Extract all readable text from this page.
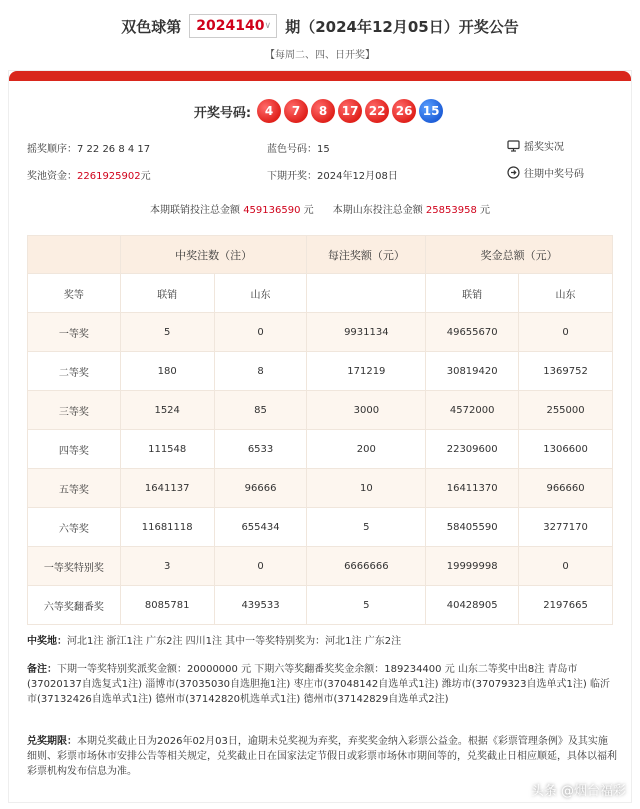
双色球第 2024140 ∨ 期（2024年12月05日）开奖公告
【每周二、四、日开奖】
开奖号码:	4	7	8	17 22 26 15
摇奖顺序：7 22 26 8 4 17	蓝色号码：15	摇奖实况
奖池资金：2261925902元	下期开奖：2024年12月08日	往期中奖号码
本期联销投注总金额 459136590 元 本期山东投注总金额 25853958 元
	中奖注数（注）		每注奖额（元）	奖金总额（元）	
奖等	联销	山东		联销	山东
一等奖	5	0	9931134	49655670	0
二等奖	180	8	171219	30819420	1369752
三等奖	1524	85	3000	4572000	255000
四等奖	111548	6533	200	22309600	1306600
五等奖	1641137	96666	10	16411370	966660
六等奖	11681118	655434	5	58405590	3277170
一等奖特别奖	3	0	6666666	19999998	0
六等奖翻番奖	8085781	439533	5	40428905	2197665
中奖地：河北1注 浙江1注 广东2注 四川1注 其中一等奖特别奖为：河北1注 广东2注
备注：下期一等奖特别奖派奖金额：20000000 元 下期六等奖翻番奖奖金余额：189234400 元 山东二等奖中出8注 青岛市(37020137自选复式1注) 淄博市(37035030自选胆拖1注) 枣庄市(37048142自选单式1注) 潍坊市(37079323自选单式1注) 临沂市(37132426自选单式1注) 德州市(37142820机选单式1注) 德州市(37142829自选单式2注)
兑奖期限：本期兑奖截止日为2026年02月03日，逾期未兑奖视为弃奖，弃奖奖金纳入彩票公益金。根据《彩票管理条例》及其实施细则、彩票市场休市安排公告等相关规定，兑奖截止日在国家法定节假日或彩票市场休市期间等的，兑奖截止日相应顺延，具体以福利彩票机构发布信息为准。
头条 @烟台福彩
